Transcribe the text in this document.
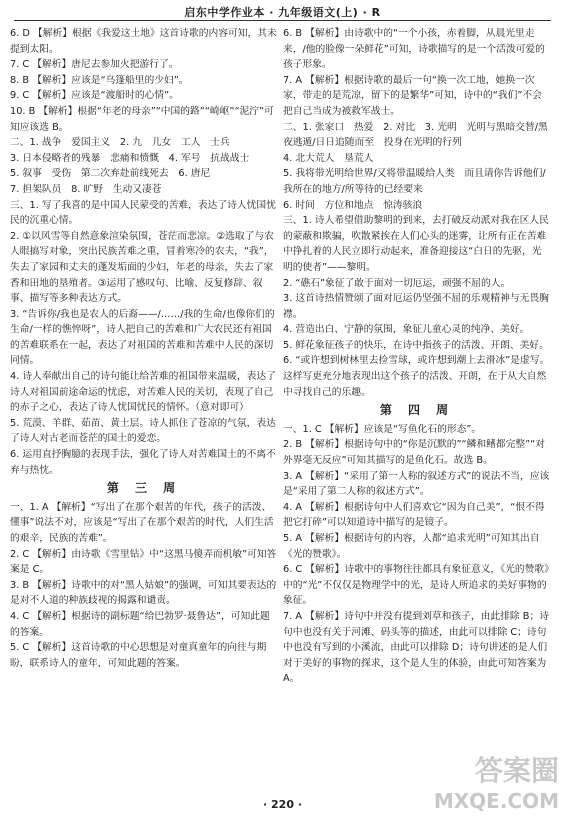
启东中学作业本 · 九年级语文(上) · R
6. D 【解析】根据《我爱这土地》这首诗歌的内容可知，其未提到太阳。
7. C 【解析】唐尼去参加火把游行了。
8. B 【解析】应该是“乌篷船里的少妇”。
9. C 【解析】应该是“渡船时的心情”。
10. B 【解析】根据“年老的母亲”“中国的路”“崎岖”“泥泞”可知应该选 B。
二、1. 战争　爱国主义　2. 九　儿女　工人　士兵
3. 日本侵略者的残暴　悲痛和愤慨　4. 军号　抗战战士
5. 叙事　受伤　第二次弃赴前线死去　6. 唐尼
7. 担架队员　8. 旷野　生动又凄苍
三、1. 写了我喜的是中国人民蒙受的苦难，表达了诗人忧国忧民的沉重心情。
2. ①以风雪等自然意象渲染氛围，苍茫而悲凉。②选取了与农人眼搞写对象，突出民族苦难之重，冒着寒冷的农夫，“我”，失去了家园和丈夫的蓬发垢面的少妇，年老的母亲，失去了家香和田地的垦殖者。③运用了感叹句、比喻、反复修辞、叙事、描写等多种表达方式。
3. “告诉你/我也是农人的后裔——/……/我的生命/也像你们的生命/一样的憔悴呀”，诗人把自己的苦难和广大农民还有祖国的苦难联系在一起，表达了对祖国的苦难和苦难中人民的深切同情。
4. 诗人奉献出自己的诗句能让给苦难的祖国带来温暖，表达了诗人对祖国前途命运的忧虑，对苦难人民的关切，表现了自己的赤子之心，表达了诗人忧国忧民的情怀。（意对即可）
5. 荒漠、羊群、茹苗、黄土层。诗人抓住了苍凉的气氛，表达了诗人对古老而苍茫的国土的爱恋。
6. 运用直抒胸臆的表现手法，强化了诗人对苦难国土的不离不弃与热忱。
第 三 周
一、1. A 【解析】“写出了在那个艰苦的年代，孩子的活泼、懂事”说法不对，应该是“写出了在那个艰苦的时代，人们生活的艰辛，民族的苦难”。
2. C 【解析】由诗歌《雪里钻》中“这黑马傻弄而机敏”可知答案是 C。
3. B 【解析】诗歌中的对“黑人姑娘”的强调，可知其要表达的是对不人道的种族歧视的揭露和谴责。
4. C 【解析】根据诗的副标题“给巴勃罗·聂鲁达”，可知此题的答案。
5. C 【解析】这首诗歌的中心思想是对童真童年的向往与期盼，联系诗人的童年，可知此题的答案。
6. B 【解析】由诗歌中的“一个小孩，赤着脚，从晨光里走来，/他的脸像一朵鲜花”可知，诗歌描写的是一个活泼可爱的孩子形象。
7. A 【解析】根据诗歌的最后一句“换一次工地，她换一次家，带走的是荒凉，留下的是繁华”可知，诗中的“我们”不会把自己当成为被救军战士。
二、1. 张家口　热爱　2. 对比　3. 光明　光明与黑暗交替/黑夜逃遁/日日追随而至　投身在光明的行列
4. 北大荒人　垦荒人
5. 我将带光明给世界/又将带温暖给人类　而且请你告诉他们/我所在的地方/所等待的已经要来
6. 时间　方位和地点　惊涛骇浪
三、1. 诗人希望借助黎明的到来，去打破反动派对我在区人民的蒙蔽和欺骗，吹散紧挨在人们心头的迷雾，让所有正在苦难中挣扎着的人民立即行动起来，准备迎接这“白日的先驱，光明的使者”——黎明。
2. “礁石”象征了敢于面对一切厄运，顽强不屈的人。
3. 这首诗热情赞颂了面对厄运仍坚强不屈的乐观精神与无畏胸襟。
4. 营造出白、宁静的氛围，象征儿童心灵的纯净、美好。
5. 鲜花象征孩子的快乐，在诗中指孩子的活泼、开朗、美好。
6. “或许想到树林里去捡雪球，或许想到潮上去滑冰”是虚写。这样写更充分地表现出这个孩子的活泼、开朗，在于从大自然中寻找自己的乐趣。
第 四 周
一、1. C 【解析】应该是“写鱼化石的形态”。
2. B 【解析】根据诗句中的“你是沉默的”“鳞和鳍都完整”“对外界毫无反应”可知其描写的是鱼化石。故选 B。
3. A 【解析】“采用了第一人称的叙述方式”的说法不当，应该是“采用了第二人称的叙述方式”。
4. A 【解析】根据诗句中人们喜欢它“因为自己美”，“恨不得把它打碎”可以知道诗中描写的是镜子。
5. A 【解析】根据诗句的内容，人都“追求光明”可知其出自《光的赞歌》。
6. C 【解析】诗歌中的事物往往都具有象征意义，《光的赞歌》中的“光”不仅仅是物理学中的光，是诗人所追求的美好事物的象征。
7. A 【解析】诗句中并没有提到刘草和孩子，由此排除 B；诗句中也没有关于河滩、码头等的描述，由此可以排除 C；诗句中也没有写到的小溪流，由此可以排除 D；诗句讲述的是人们对于美好的事物的探求，这个是人生的体验，由此可知答案为 A。
· 220 ·
答案圈
MXQE.COM
